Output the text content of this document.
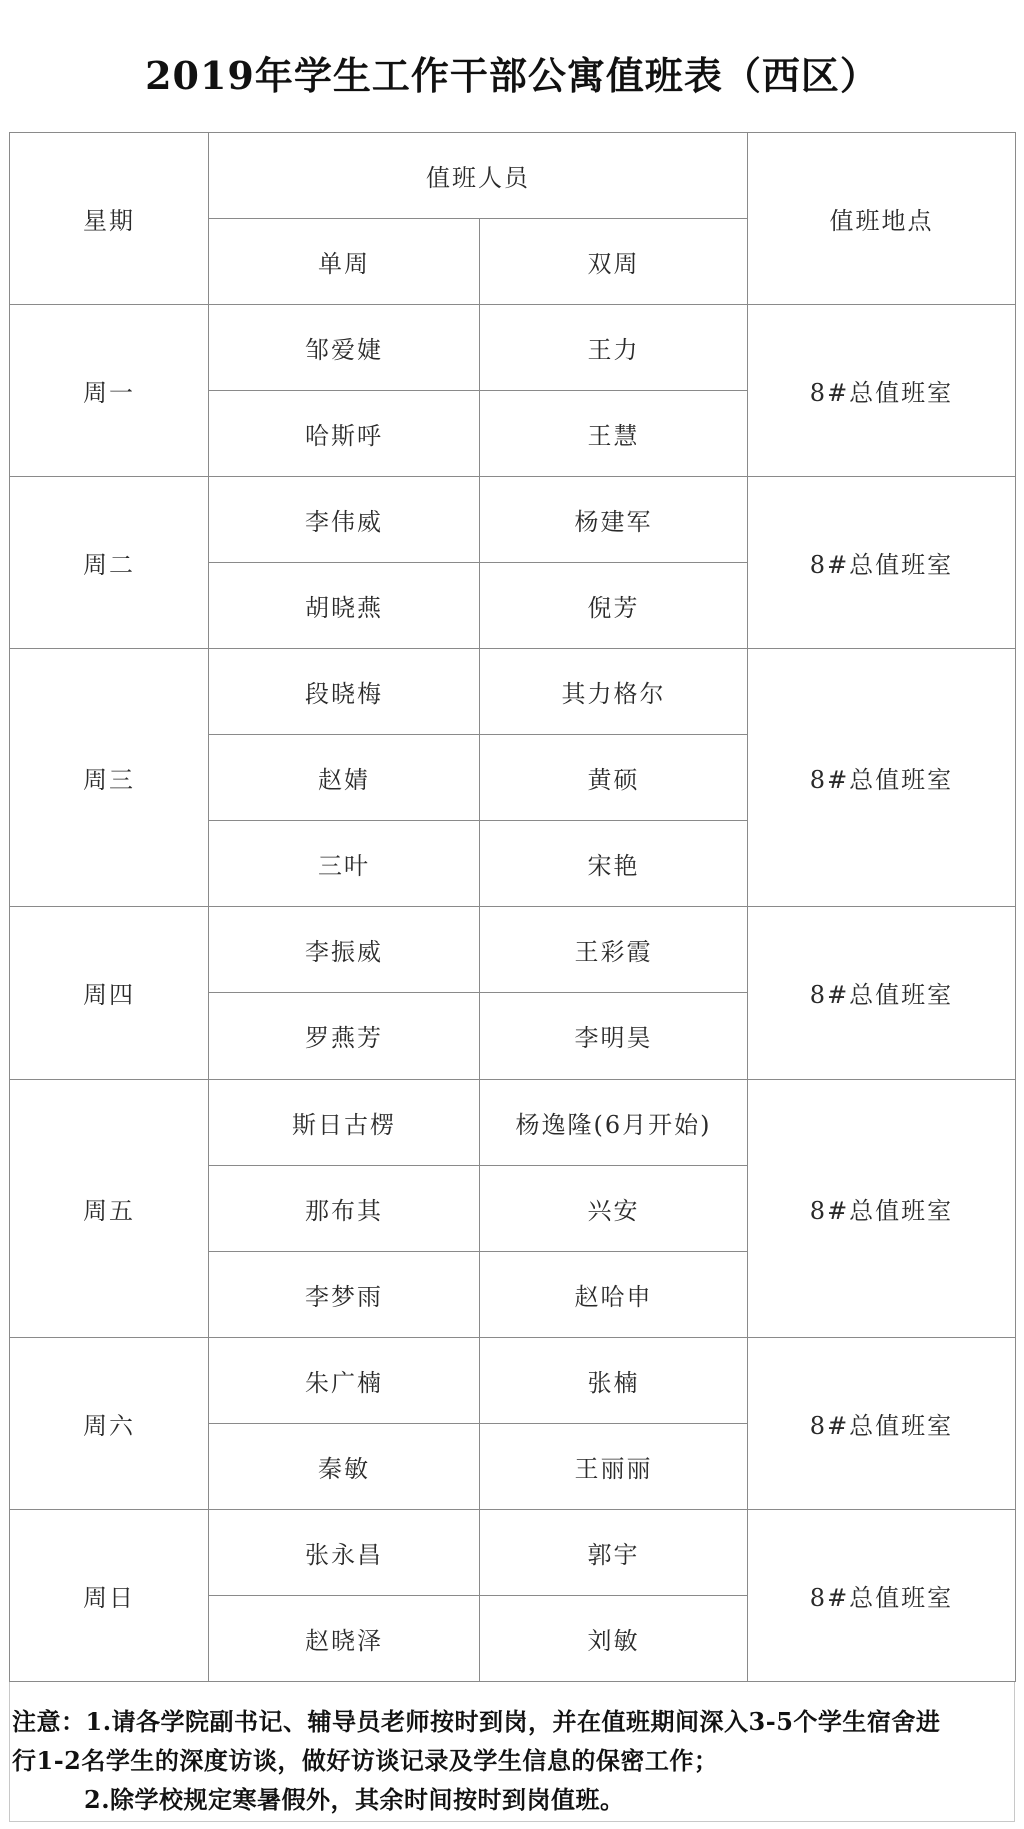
2019年学生工作干部公寓值班表（西区）
星期	值班人员		值班地点
	单周	双周	
周一	邹爱婕	王力	8#总值班室
	哈斯呼	王慧	
周二	李伟威	杨建军	8#总值班室
	胡晓燕	倪芳	
周三	段晓梅	其力格尔	8#总值班室
	赵婧	黄硕	
	三叶	宋艳	
周四	李振威	王彩霞	8#总值班室
	罗燕芳	李明昊	
周五	斯日古楞	杨逸隆(6月开始)	8#总值班室
	那布其	兴安	
	李梦雨	赵哈申	
周六	朱广楠	张楠	8#总值班室
	秦敏	王丽丽	
周日	张永昌	郭宇	8#总值班室
	赵晓泽	刘敏	
注意：1.请各学院副书记、辅导员老师按时到岗，并在值班期间深入3-5个学生宿舍进
行1-2名学生的深度访谈，做好访谈记录及学生信息的保密工作；
2.除学校规定寒暑假外，其余时间按时到岗值班。
